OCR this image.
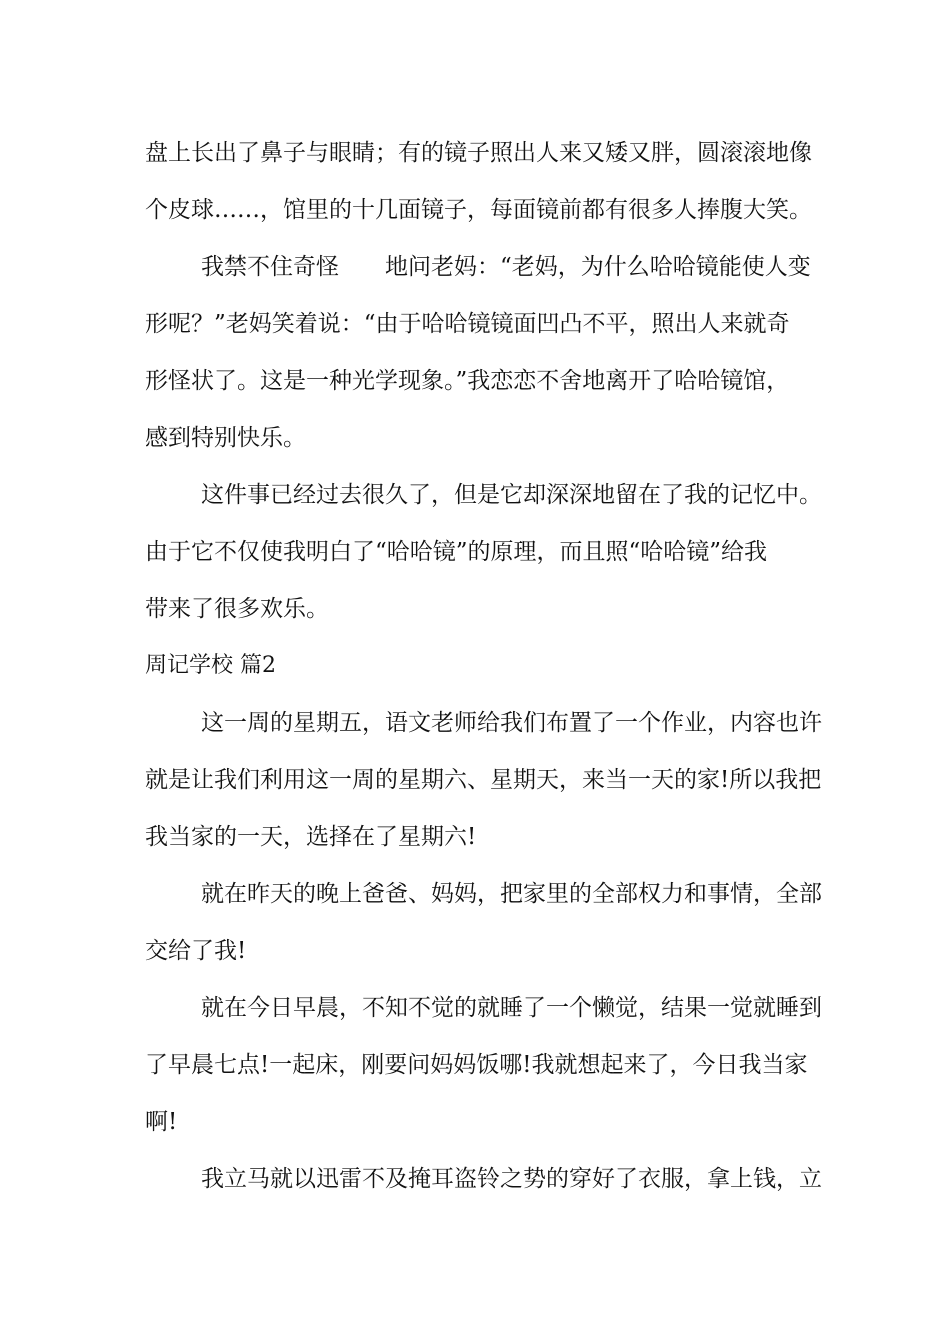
盘上长出了鼻子与眼睛；有的镜子照出人来又矮又胖，圆滚滚地像
个皮球……，馆里的十几面镜子，每面镜前都有很多人捧腹大笑。
我禁不住奇怪　　地问老妈：“老妈，为什么哈哈镜能使人变
形呢？”老妈笑着说：“由于哈哈镜镜面凹凸不平，照出人来就奇
形怪状了。这是一种光学现象。”我恋恋不舍地离开了哈哈镜馆，
感到特别快乐。
这件事已经过去很久了，但是它却深深地留在了我的记忆中。
由于它不仅使我明白了“哈哈镜”的原理，而且照“哈哈镜”给我
带来了很多欢乐。
周记学校 篇2
这一周的星期五，语文老师给我们布置了一个作业，内容也许
就是让我们利用这一周的星期六、星期天，来当一天的家!所以我把
我当家的一天，选择在了星期六!
就在昨天的晚上爸爸、妈妈，把家里的全部权力和事情，全部
交给了我!
就在今日早晨，不知不觉的就睡了一个懒觉，结果一觉就睡到
了早晨七点!一起床，刚要问妈妈饭哪!我就想起来了，今日我当家
啊!
我立马就以迅雷不及掩耳盗铃之势的穿好了衣服，拿上钱，立
